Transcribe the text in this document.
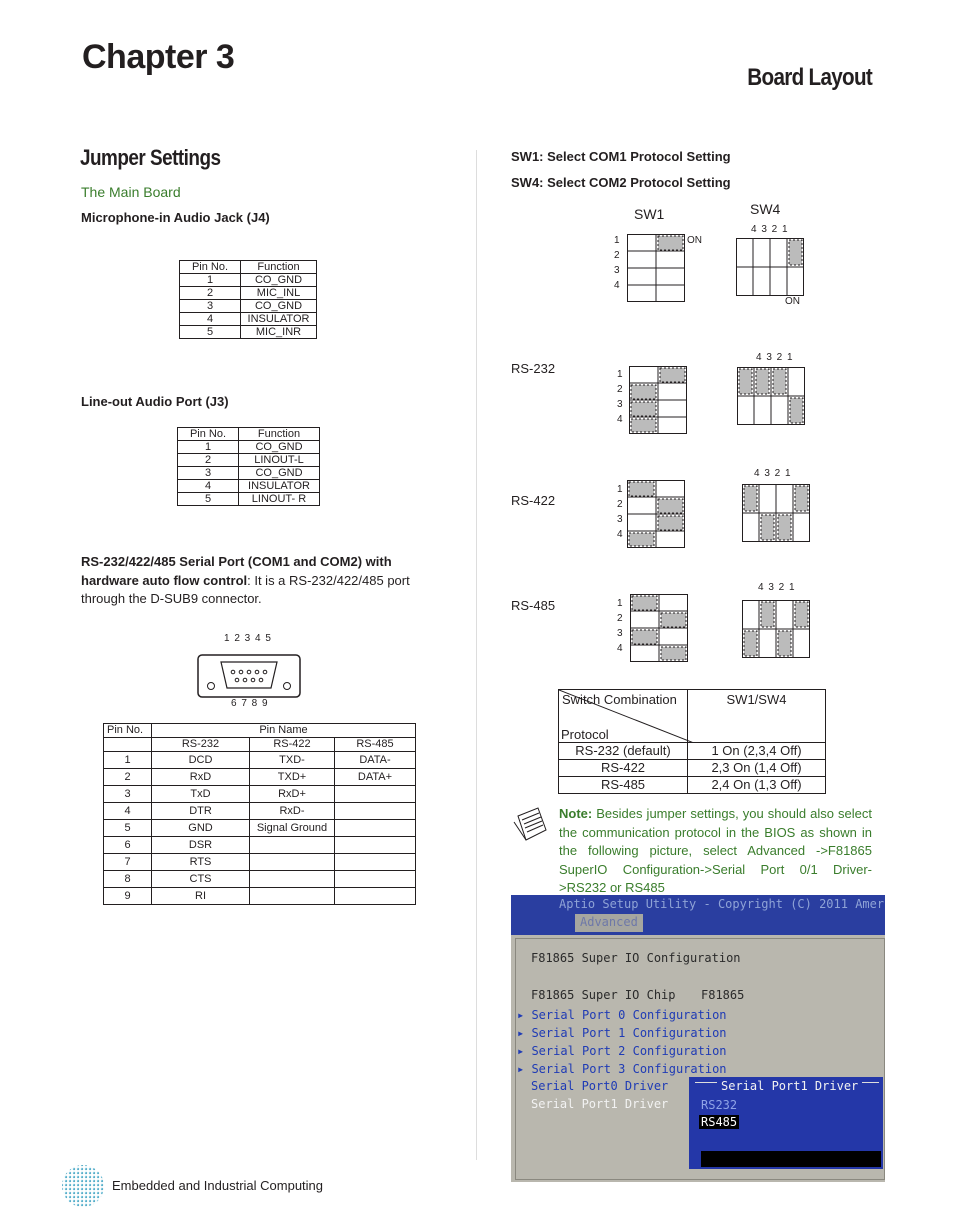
Chapter 3
Board Layout
Jumper Settings
The Main Board
Microphone-in Audio Jack (J4)
Pin No.	Function
1	CO_GND
2	MIC_INL
3	CO_GND
4	INSULATOR
5	MIC_INR
Line-out Audio Port (J3)
Pin No.	Function
1	CO_GND
2	LINOUT-L
3	CO_GND
4	INSULATOR
5	LINOUT- R
RS-232/422/485 Serial Port (COM1 and COM2) with
hardware auto flow control: It is a RS-232/422/485 port
through the D-SUB9 connector.
1 2 3 4 5
6 7 8 9
Pin No.	Pin Name		
	RS-232	RS-422	RS-485
1	DCD	TXD-	DATA-
2	RxD	TXD+	DATA+
3	TxD	RxD+	
4	DTR	RxD-	
5	GND	Signal Ground	
6	DSR		
7	RTS		
8	CTS		
9	RI		
SW1: Select COM1 Protocol Setting
SW4: Select COM2 Protocol Setting
SW1	SW4
1
2
3
4
ON
4 3 2 1
ON
RS-232	1
2
3
4
4 3 2 1
RS-422
1
2
3
4
4 3 2 1
RS-485	1
2
3
4
4 3 2 1
Switch Combination
Protocol	SW1/SW4
RS-232 (default)	1 On (2,3,4 Off)
RS-422	2,3 On (1,4 Off)
RS-485	2,4 On (1,3 Off)
Note: Besides jumper settings, you should also select the communication protocol in the BIOS as shown in the following picture, select Advanced ->F81865 SuperIO Configuration->Serial Port 0/1 Driver->RS232 or RS485
Aptio Setup Utility - Copyright (C) 2011 Amer
Advanced
F81865 Super IO Configuration
F81865 Super IO Chip F81865
▸ Serial Port 0 Configuration
▸ Serial Port 1 Configuration
▸ Serial Port 2 Configuration
▸ Serial Port 3 Configuration
Serial Port0 Driver
Serial Port1 Driver
Serial Port1 Driver
RS232
RS485
Embedded and Industrial Computing
